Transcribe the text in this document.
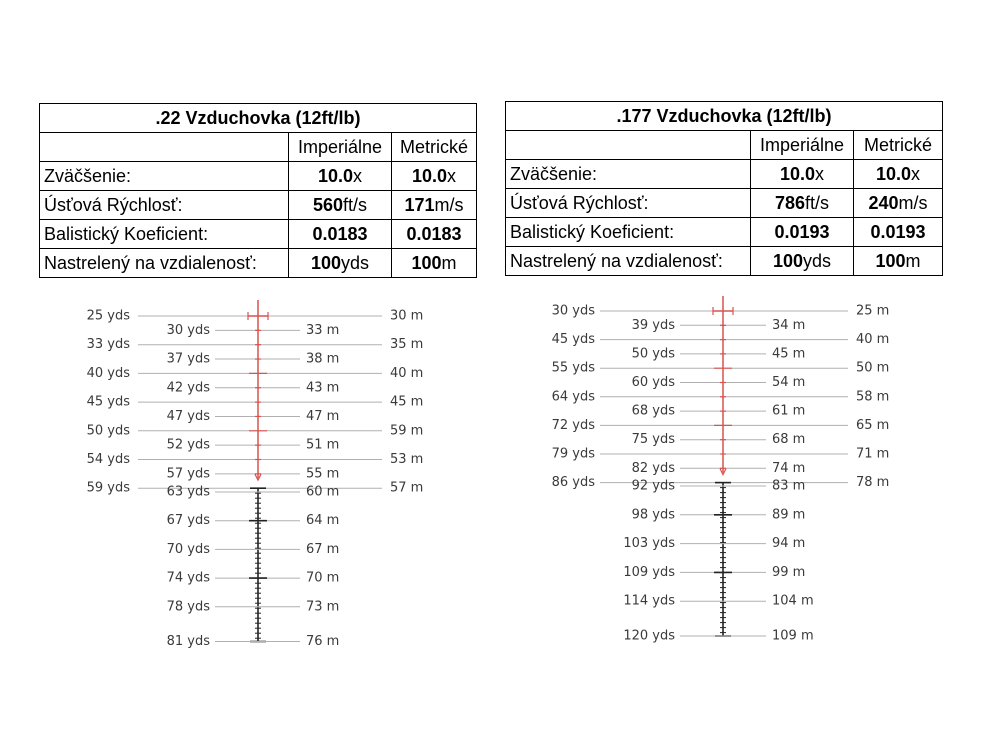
.22 Vzduchovka (12ft/lb)		
	Imperiálne	Metrické
Zväčšenie:	10.0x	10.0x
Úsťová Rýchlosť:	560ft/s	171m/s
Balistický Koeficient:	0.0183	0.0183
Nastrelený na vzdialenosť:	100yds	100m
.177 Vzduchovka (12ft/lb)		
	Imperiálne	Metrické
Zväčšenie:	10.0x	10.0x
Úsťová Rýchlosť:	786ft/s	240m/s
Balistický Koeficient:	0.0193	0.0193
Nastrelený na vzdialenosť:	100yds	100m
25 yds	30 m
33 yds	35 m
40 yds	40 m
45 yds	45 m
50 yds	59 m
54 yds	53 m
30 yds	33 m
37 yds	38 m
42 yds	43 m
47 yds	47 m
52 yds	51 m
57 yds	55 m
59 yds	57 m
63 yds	60 m
67 yds	64 m
70 yds	67 m
74 yds	70 m
78 yds	73 m
81 yds	76 m
30 yds	25 m
45 yds	40 m
55 yds	50 m
64 yds	58 m
72 yds	65 m
79 yds	71 m
39 yds	34 m
50 yds	45 m
60 yds	54 m
68 yds	61 m
75 yds	68 m
82 yds	74 m
86 yds	78 m
92 yds	83 m
98 yds	89 m
103 yds	94 m
109 yds	99 m
114 yds	104 m
120 yds	109 m
